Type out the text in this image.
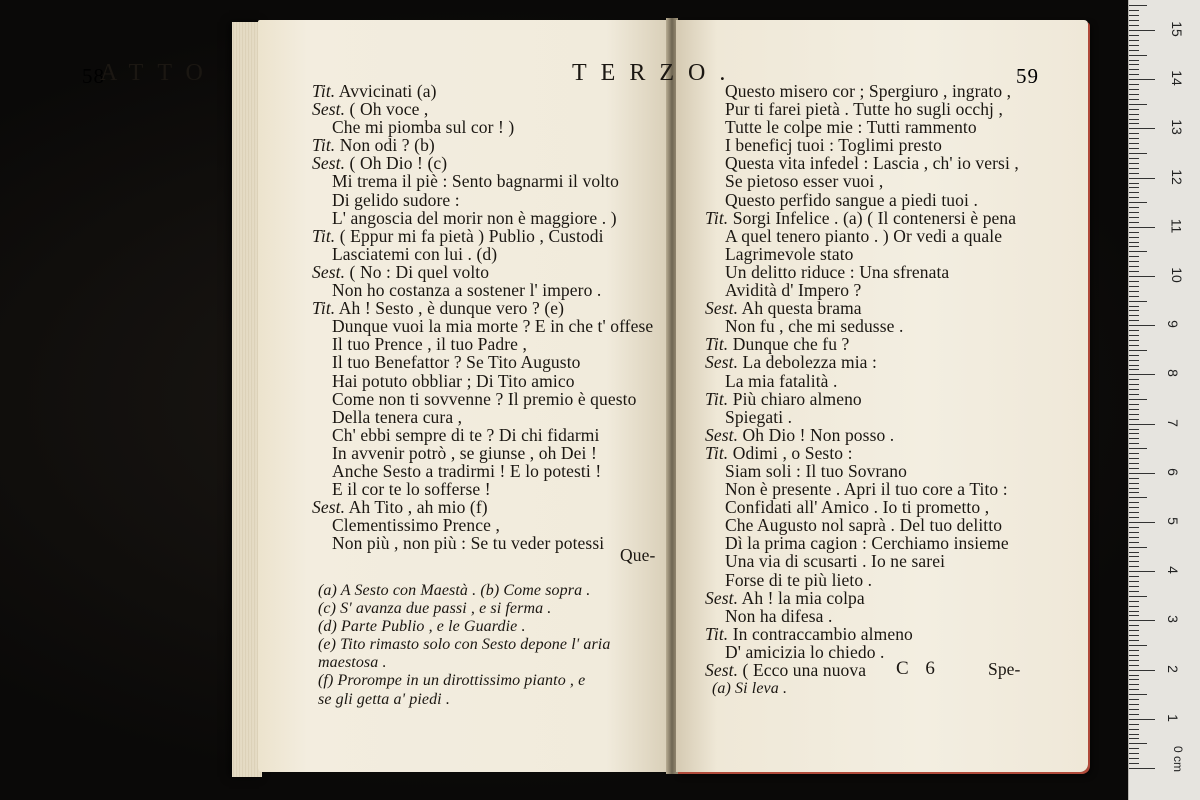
58
ATTO	TERZO.	59
Tit. Avvicinati (a)
Sest. ( Oh voce ,
Che mi piomba sul cor ! )
Tit. Non odi ? (b)
Sest. ( Oh Dio ! (c)
Mi trema il piè : Sento bagnarmi il volto
Di gelido sudore :
L' angoscia del morir non è maggiore . )
Tit. ( Eppur mi fa pietà ) Publio , Custodi
Lasciatemi con lui . (d)
Sest. ( No : Di quel volto
Non ho costanza a sostener l' impero .
Tit. Ah ! Sesto , è dunque vero ? (e)
Dunque vuoi la mia morte ? E in che t' offese
Il tuo Prence , il tuo Padre ,
Il tuo Benefattor ? Se Tito Augusto
Hai potuto obbliar ; Di Tito amico
Come non ti sovvenne ? Il premio è questo
Della tenera cura ,
Ch' ebbi sempre di te ? Di chi fidarmi
In avvenir potrò , se giunse , oh Dei !
Anche Sesto a tradirmi ! E lo potesti !
E il cor te lo sofferse !
Sest. Ah Tito , ah mio (f)
Clementissimo Prence ,
Non più , non più : Se tu veder potessi
Que-
(a) A Sesto con Maestà . (b) Come sopra .
(c) S' avanza due passi , e si ferma .
(d) Parte Publio , e le Guardie .
(e) Tito rimasto solo con Sesto depone l' aria
maestosa .
(f) Prorompe in un dirottissimo pianto , e
se gli getta a' piedi .
Questo misero cor ; Spergiuro , ingrato ,
Pur ti farei pietà . Tutte ho sugli occhj ,
Tutte le colpe mie : Tutti rammento
I beneficj tuoi : Toglimi presto
Questa vita infedel : Lascia , ch' io versi ,
Se pietoso esser vuoi ,
Questo perfido sangue a piedi tuoi .
Tit. Sorgi Infelice . (a) ( Il contenersi è pena
A quel tenero pianto . ) Or vedi a quale
Lagrimevole stato
Un delitto riduce : Una sfrenata
Avidità d' Impero ?
Sest. Ah questa brama
Non fu , che mi sedusse .
Tit. Dunque che fu ?
Sest. La debolezza mia :
La mia fatalità .
Tit. Più chiaro almeno
Spiegati .
Sest. Oh Dio ! Non posso .
Tit. Odimi , o Sesto :
Siam soli : Il tuo Sovrano
Non è presente . Apri il tuo core a Tito :
Confidati all' Amico . Io ti prometto ,
Che Augusto nol saprà . Del tuo delitto
Dì la prima cagion : Cerchiamo insieme
Una via di scusarti . Io ne sarei
Forse di te più lieto .
Sest. Ah ! la mia colpa
Non ha difesa .
Tit. In contraccambio almeno
D' amicizia lo chiedo .
Sest. ( Ecco una nuova	C 6	Spe-
(a) Si leva .
0 cm
1
2
3
4
5
6
7
8
9
10
11
12
13
14
15
